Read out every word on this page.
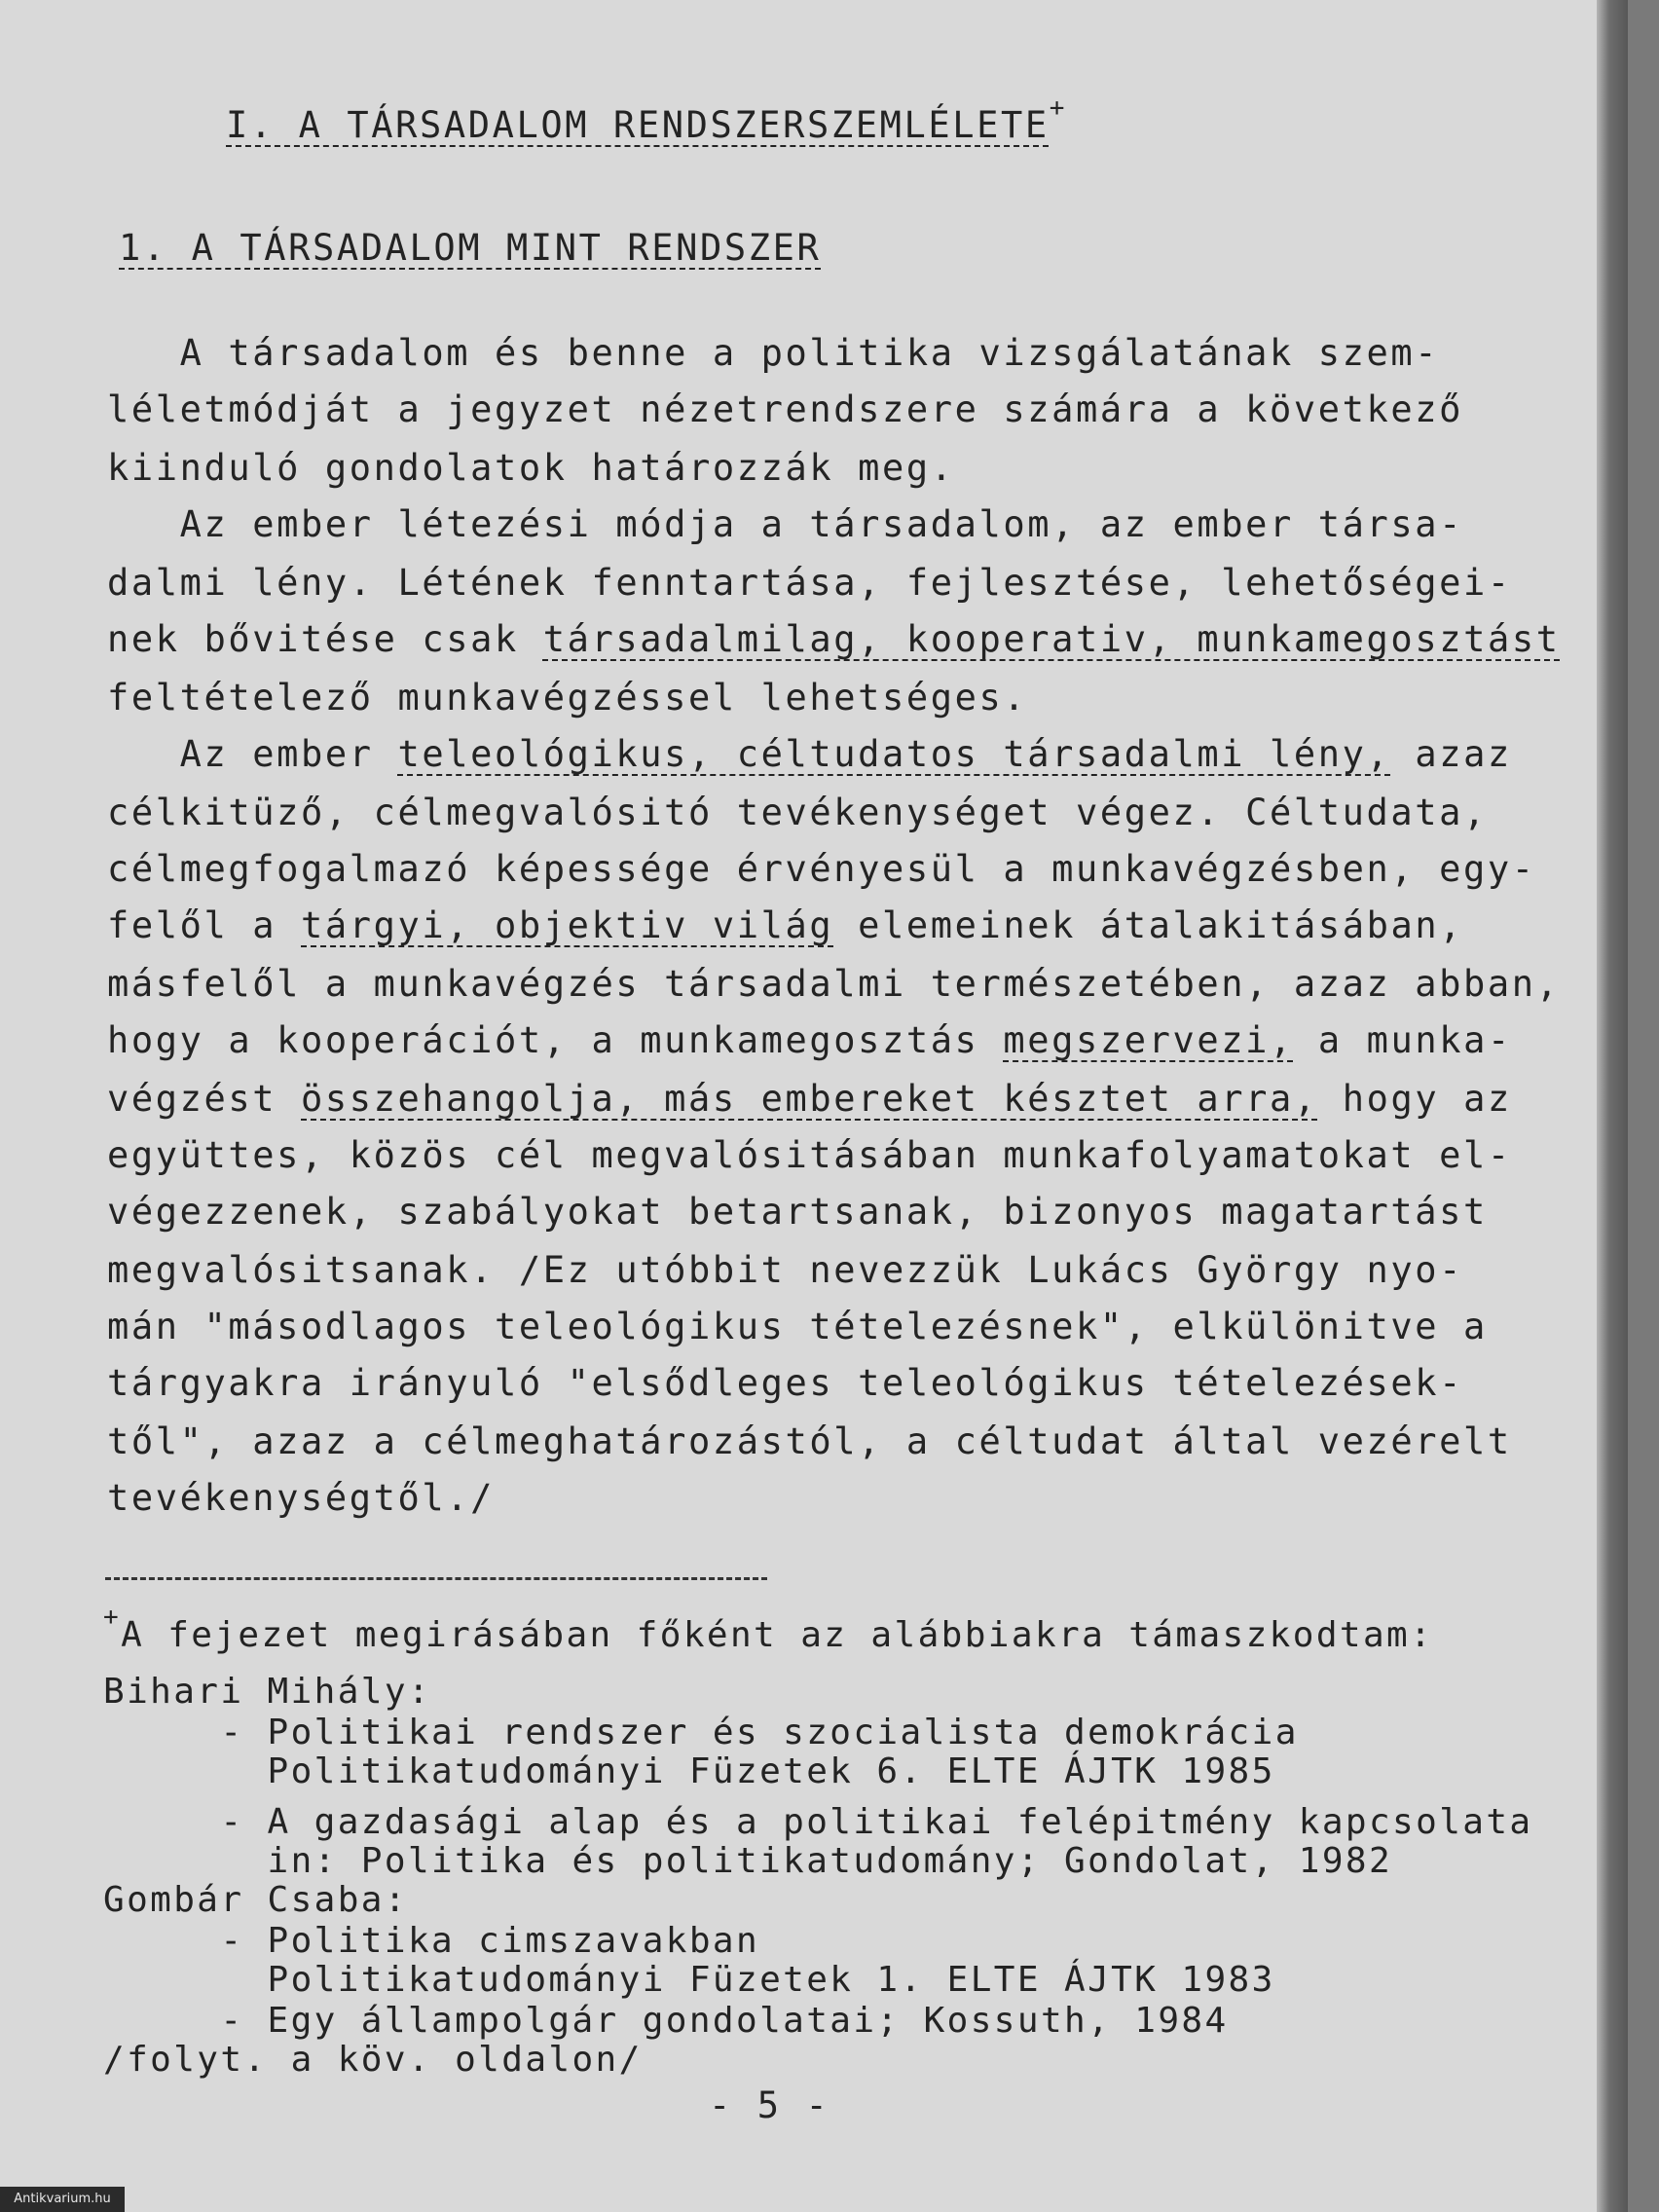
I. A TÁRSADALOM RENDSZERSZEMLÉLETE+
1. A TÁRSADALOM MINT RENDSZER
A társadalom és benne a politika vizsgálatának szem-
léletmódját a jegyzet nézetrendszere számára a következő
kiinduló gondolatok határozzák meg.
Az ember létezési módja a társadalom, az ember társa-
dalmi lény. Létének fenntartása, fejlesztése, lehetőségei-
nek bővitése csak társadalmilag, kooperativ, munkamegosztást
feltételező munkavégzéssel lehetséges.
Az ember teleológikus, céltudatos társadalmi lény, azaz
célkitüző, célmegvalósitó tevékenységet végez. Céltudata,
célmegfogalmazó képessége érvényesül a munkavégzésben, egy-
felől a tárgyi, objektiv világ elemeinek átalakitásában,
másfelől a munkavégzés társadalmi természetében, azaz abban,
hogy a kooperációt, a munkamegosztás megszervezi, a munka-
végzést összehangolja, más embereket késztet arra, hogy az
együttes, közös cél megvalósitásában munkafolyamatokat el-
végezzenek, szabályokat betartsanak, bizonyos magatartást
megvalósitsanak. /Ez utóbbit nevezzük Lukács György nyo-
mán "másodlagos teleológikus tételezésnek", elkülönitve a
tárgyakra irányuló "elsődleges teleológikus tételezések-
től", azaz a célmeghatározástól, a céltudat által vezérelt
tevékenységtől./
+A fejezet megirásában főként az alábbiakra támaszkodtam:
Bihari Mihály:
- Politikai rendszer és szocialista demokrácia
Politikatudományi Füzetek 6. ELTE ÁJTK 1985
- A gazdasági alap és a politikai felépitmény kapcsolata
in: Politika és politikatudomány; Gondolat, 1982
Gombár Csaba:
- Politika cimszavakban
Politikatudományi Füzetek 1. ELTE ÁJTK 1983
- Egy állampolgár gondolatai; Kossuth, 1984
/folyt. a köv. oldalon/
- 5 -
Antikvarium.hu
